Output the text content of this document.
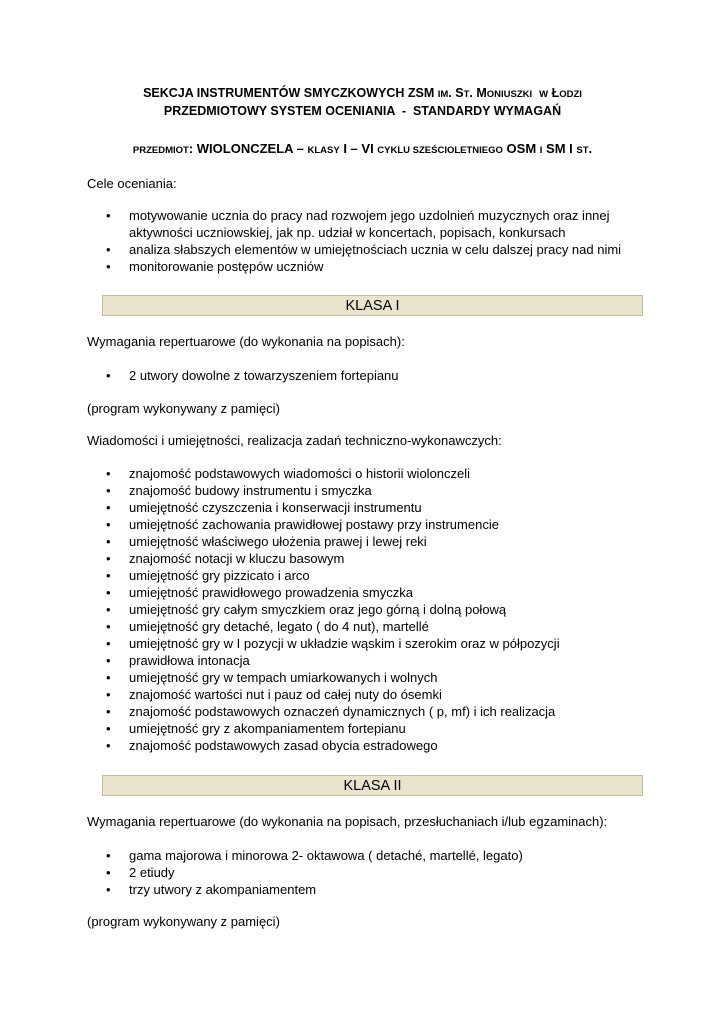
SEKCJA INSTRUMENTÓW SMYCZKOWYCH ZSM IM. ST. MONIUSZKI W ŁODZI
PRZEDMIOTOWY SYSTEM OCENIANIA  -  STANDARDY WYMAGAŃ
PRZEDMIOT: WIOLONCZELA – KLASY I – VI CYKLU SZEŚCIOLETNIEGO OSM I SM I ST.
Cele oceniania:
• motywowanie ucznia do pracy nad rozwojem jego uzdolnień muzycznych oraz innej aktywności uczniowskiej, jak np. udział w koncertach, popisach, konkursach
• analiza słabszych elementów w umiejętnościach ucznia w celu dalszej pracy nad nimi
• monitorowanie postępów uczniów
KLASA I
Wymagania repertuarowe (do wykonania na popisach):
• 2 utwory dowolne z towarzyszeniem fortepianu
(program wykonywany z pamięci)
Wiadomości i umiejętności, realizacja zadań techniczno-wykonawczych:
• znajomość podstawowych wiadomości o historii wiolonczeli
• znajomość budowy instrumentu i smyczka
• umiejętność czyszczenia i konserwacji instrumentu
• umiejętność zachowania prawidłowej postawy przy instrumencie
• umiejętność właściwego ułożenia prawej i lewej reki
• znajomość notacji w kluczu basowym
• umiejętność gry pizzicato i arco
• umiejętność prawidłowego prowadzenia smyczka
• umiejętność gry całym smyczkiem oraz jego górną i dolną połową
• umiejętność gry detaché, legato ( do 4 nut), martellé
• umiejętność gry w I pozycji w układzie wąskim i szerokim oraz w półpozycji
• prawidłowa intonacja
• umiejętność gry w tempach umiarkowanych i wolnych
• znajomość wartości nut i pauz od całej nuty do ósemki
• znajomość podstawowych oznaczeń dynamicznych ( p, mf) i ich realizacja
• umiejętność gry z akompaniamentem fortepianu
• znajomość podstawowych zasad obycia estradowego
KLASA II
Wymagania repertuarowe (do wykonania na popisach, przesłuchaniach i/lub egzaminach):
• gama majorowa i minorowa 2- oktawowa ( detaché, martellé, legato)
• 2 etiudy
• trzy utwory z akompaniamentem
(program wykonywany z pamięci)
